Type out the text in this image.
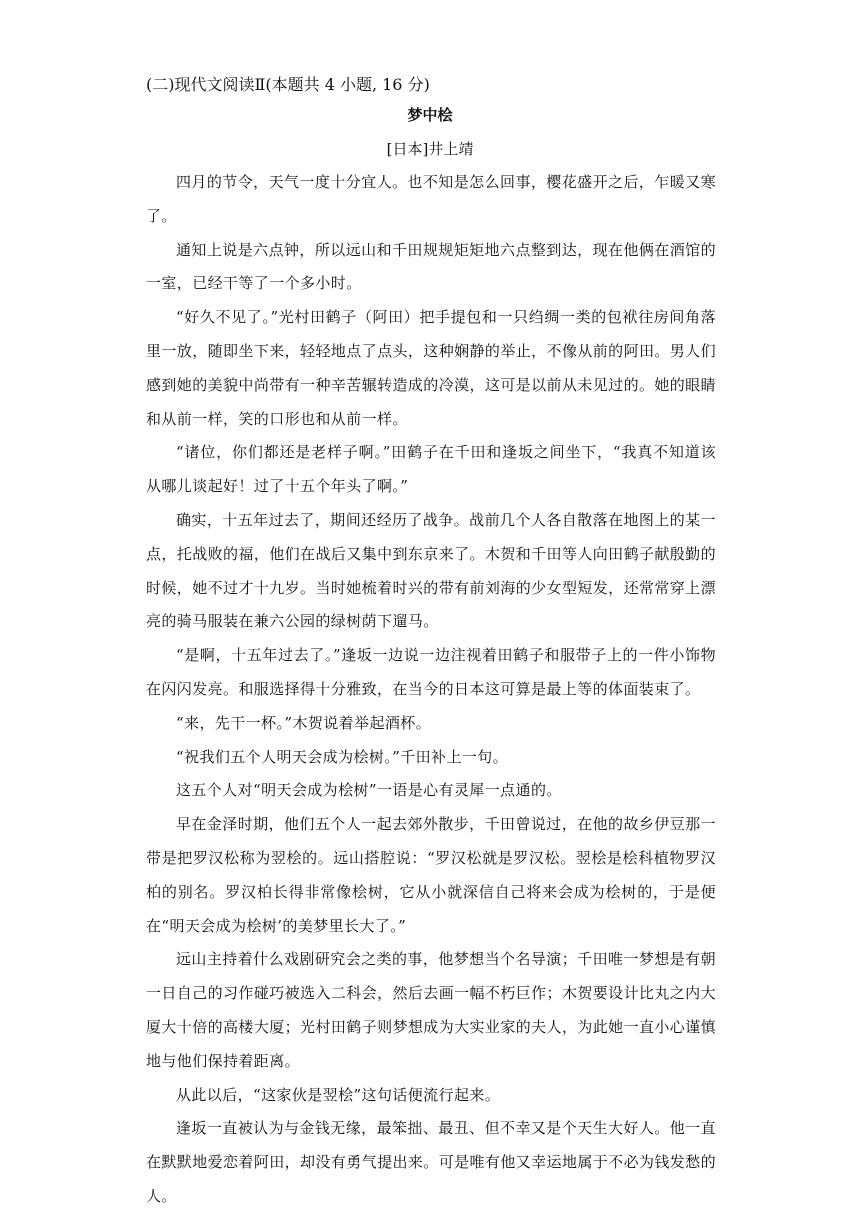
(二)现代文阅读Ⅱ(本题共 4 小题, 16 分)
梦中桧
[日本]井上靖

四月的节令，天气一度十分宜人。也不知是怎么回事，樱花盛开之后，乍暖又寒了。

通知上说是六点钟，所以远山和千田规规矩矩地六点整到达，现在他俩在酒馆的一室，已经干等了一个多小时。

“好久不见了。”光村田鹤子（阿田）把手提包和一只绉绸一类的包袱往房间角落里一放，随即坐下来，轻轻地点了点头，这种娴静的举止，不像从前的阿田。男人们感到她的美貌中尚带有一种辛苦辗转造成的冷漠，这可是以前从未见过的。她的眼睛和从前一样，笑的口形也和从前一样。

“诸位，你们都还是老样子啊。”田鹤子在千田和逢坂之间坐下，“我真不知道该从哪儿谈起好！过了十五个年头了啊。”

确实，十五年过去了，期间还经历了战争。战前几个人各自散落在地图上的某一点，托战败的福，他们在战后又集中到东京来了。木贺和千田等人向田鹤子献殷勤的时候，她不过才十九岁。当时她梳着时兴的带有前刘海的少女型短发，还常常穿上漂亮的骑马服装在兼六公园的绿树荫下遛马。

“是啊，十五年过去了。”逢坂一边说一边注视着田鹤子和服带子上的一件小饰物在闪闪发亮。和服选择得十分雅致，在当今的日本这可算是最上等的体面装束了。

“来，先干一杯。”木贺说着举起酒杯。

“祝我们五个人明天会成为桧树。”千田补上一句。

这五个人对“明天会成为桧树”一语是心有灵犀一点通的。

早在金泽时期，他们五个人一起去郊外散步，千田曾说过，在他的故乡伊豆那一带是把罗汉松称为翌桧的。远山搭腔说：“罗汉松就是罗汉松。翌桧是桧科植物罗汉柏的别名。罗汉柏长得非常像桧树，它从小就深信自己将来会成为桧树的，于是便在“明天会成为桧树’的美梦里长大了。”

远山主持着什么戏剧研究会之类的事，他梦想当个名导演；千田唯一梦想是有朝一日自己的习作碰巧被选入二科会，然后去画一幅不朽巨作；木贺要设计比丸之内大厦大十倍的高楼大厦；光村田鹤子则梦想成为大实业家的夫人，为此她一直小心谨慎地与他们保持着距离。

从此以后，“这家伙是翌桧”这句话便流行起来。

逢坂一直被认为与金钱无缘，最笨拙、最丑、但不幸又是个天生大好人。他一直在默默地爱恋着阿田，却没有勇气提出来。可是唯有他又幸运地属于不必为钱发愁的人。
